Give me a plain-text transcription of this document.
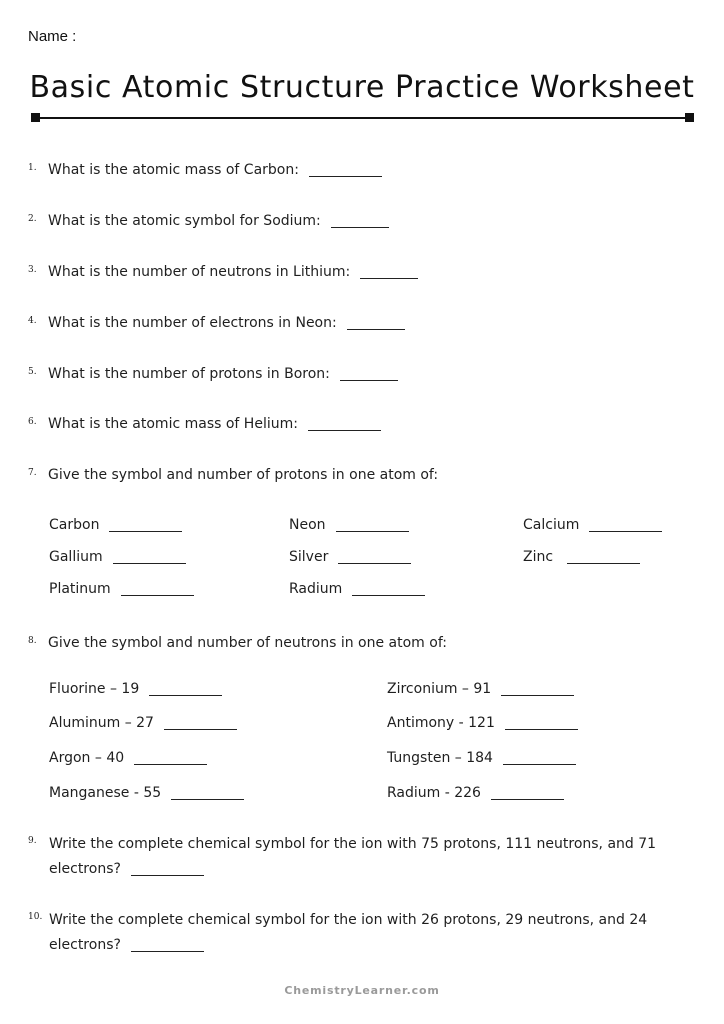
Name :
Basic Atomic Structure Practice Worksheet
1. What is the atomic mass of Carbon:
2. What is the atomic symbol for Sodium:
3. What is the number of neutrons in Lithium:
4. What is the number of electrons in Neon:
5. What is the number of protons in Boron:
6. What is the atomic mass of Helium:
7. Give the symbol and number of protons in one atom of:
Carbon	Neon	Calcium
Gallium	Silver	Zinc
Platinum	Radium
8. Give the symbol and number of neutrons in one atom of:
Fluorine – 19	Zirconium – 91
Aluminum – 27	Antimony - 121
Argon – 40	Tungsten – 184
Manganese - 55	Radium - 226
9. Write the complete chemical symbol for the ion with 75 protons, 111 neutrons, and 71 electrons?
10. Write the complete chemical symbol for the ion with 26 protons, 29 neutrons, and 24 electrons?
ChemistryLearner.com
